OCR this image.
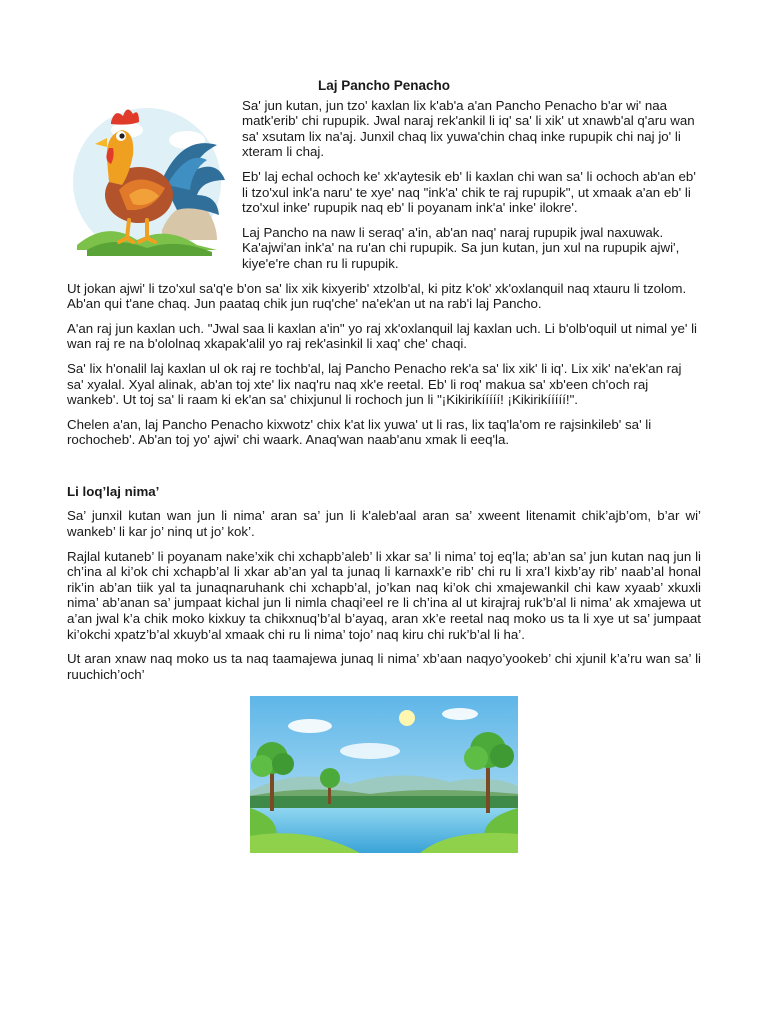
Laj Pancho Penacho

Sa' jun kutan, jun tzo' kaxlan lix k'ab'a a'an Pancho Penacho b'ar wi' naa matk'erib' chi rupupik. Jwal naraj rek'ankil li iq' sa' li xik' ut xnawb'al q'aru wan sa' xsutam lix na'aj. Junxil chaq lix yuwa'chin chaq inke rupupik chi naj jo' li xteram li chaj.

Eb' laj echal ochoch ke' xk'aytesik eb' li kaxlan chi wan sa' li ochoch ab'an eb' li tzo'xul ink'a naru' te xye' naq "ink'a' chik te raj rupupik", ut xmaak a'an eb' li tzo'xul inke' rupupik naq eb' li poyanam ink'a' inke' ilokre'.

Laj Pancho na naw li seraq' a'in, ab'an naq' naraj rupupik jwal naxuwak. Ka'ajwi'an ink'a' na ru'an chi rupupik. Sa jun kutan, jun xul na rupupik ajwi', kiye'e're chan ru li rupupik.

Ut jokan ajwi' li tzo'xul sa'q'e b'on sa' lix xik kixyerib' xtzolb'al, ki pitz k'ok' xk'oxlanquil naq xtauru li tzolom. Ab'an qui t'ane chaq. Jun paataq chik jun ruq'che' na'ek'an ut na rab'i laj Pancho.

A'an raj jun kaxlan uch. "Jwal saa li kaxlan a'in" yo raj xk'oxlanquil laj kaxlan uch. Li b'olb'oquil ut nimal ye' li wan raj re na b'ololnaq xkapak'alil yo raj rek'asinkil li xaq' che' chaqi.

Sa' lix h'onalil laj kaxlan ul ok raj re tochb'al, laj Pancho Penacho rek'a sa' lix xik' li iq'. Lix xik' na'ek'an raj sa' xyalal. Xyal alinak, ab'an toj xte' lix naq'ru naq xk'e reetal. Eb' li roq' makua sa' xb'een ch'och raj wankeb'. Ut toj sa' li raam ki ek'an sa' chixjunul li rochoch jun li "¡Kikirikííííí! ¡Kikirikííííí!".

Chelen a'an, laj Pancho Penacho kixwotz' chix k'at lix yuwa' ut li ras, lix taq'la'om re rajsinkileb' sa' li rochocheb'. Ab'an toj yo' ajwi' chi waark. Anaq'wan naab'anu xmak li eeq'la.

Li loq’laj nima’

Sa’ junxil kutan wan jun li nima’ aran sa’ jun li k'aleb'aal aran sa’ xweent litenamit chik’ajb’om, b’ar wi’ wankeb’ li kar jo’ ninq ut jo’ kok’.

Rajlal kutaneb’ li poyanam nake’xik chi xchapb’aleb’ li xkar sa’ li nima’ toj eq’la; ab’an sa’ jun kutan naq jun li ch’ina al ki’ok chi xchapb’al li xkar ab’an yal ta junaq li karnaxk’e rib’ chi ru li xra’l kixb’ay rib’ naab’al honal rik’in ab’an tiik yal ta junaqnaruhank chi xchapb’al, jo’kan naq ki’ok chi xmajewankil chi kaw xyaab’ xkuxli nima’ ab’anan sa’ jumpaat kichal jun li nimla chaqi’eel re li ch’ina al ut kirajraj ruk’b’al li nima’ ak xmajewa ut a’an jwal k’a chik moko kixkuy ta chikxnuq’b’al b’ayaq, aran xk’e reetal naq moko us ta li xye ut sa’ jumpaat ki’okchi xpatz’b’al xkuyb’al xmaak chi ru li nima’ tojo’ naq kiru chi ruk’b’al li ha’.

Ut aran xnaw naq moko us ta naq taamajewa junaq li nima’ xb’aan naqyo’yookeb’ chi xjunil k’a’ru wan sa’ li ruuchich’och’
